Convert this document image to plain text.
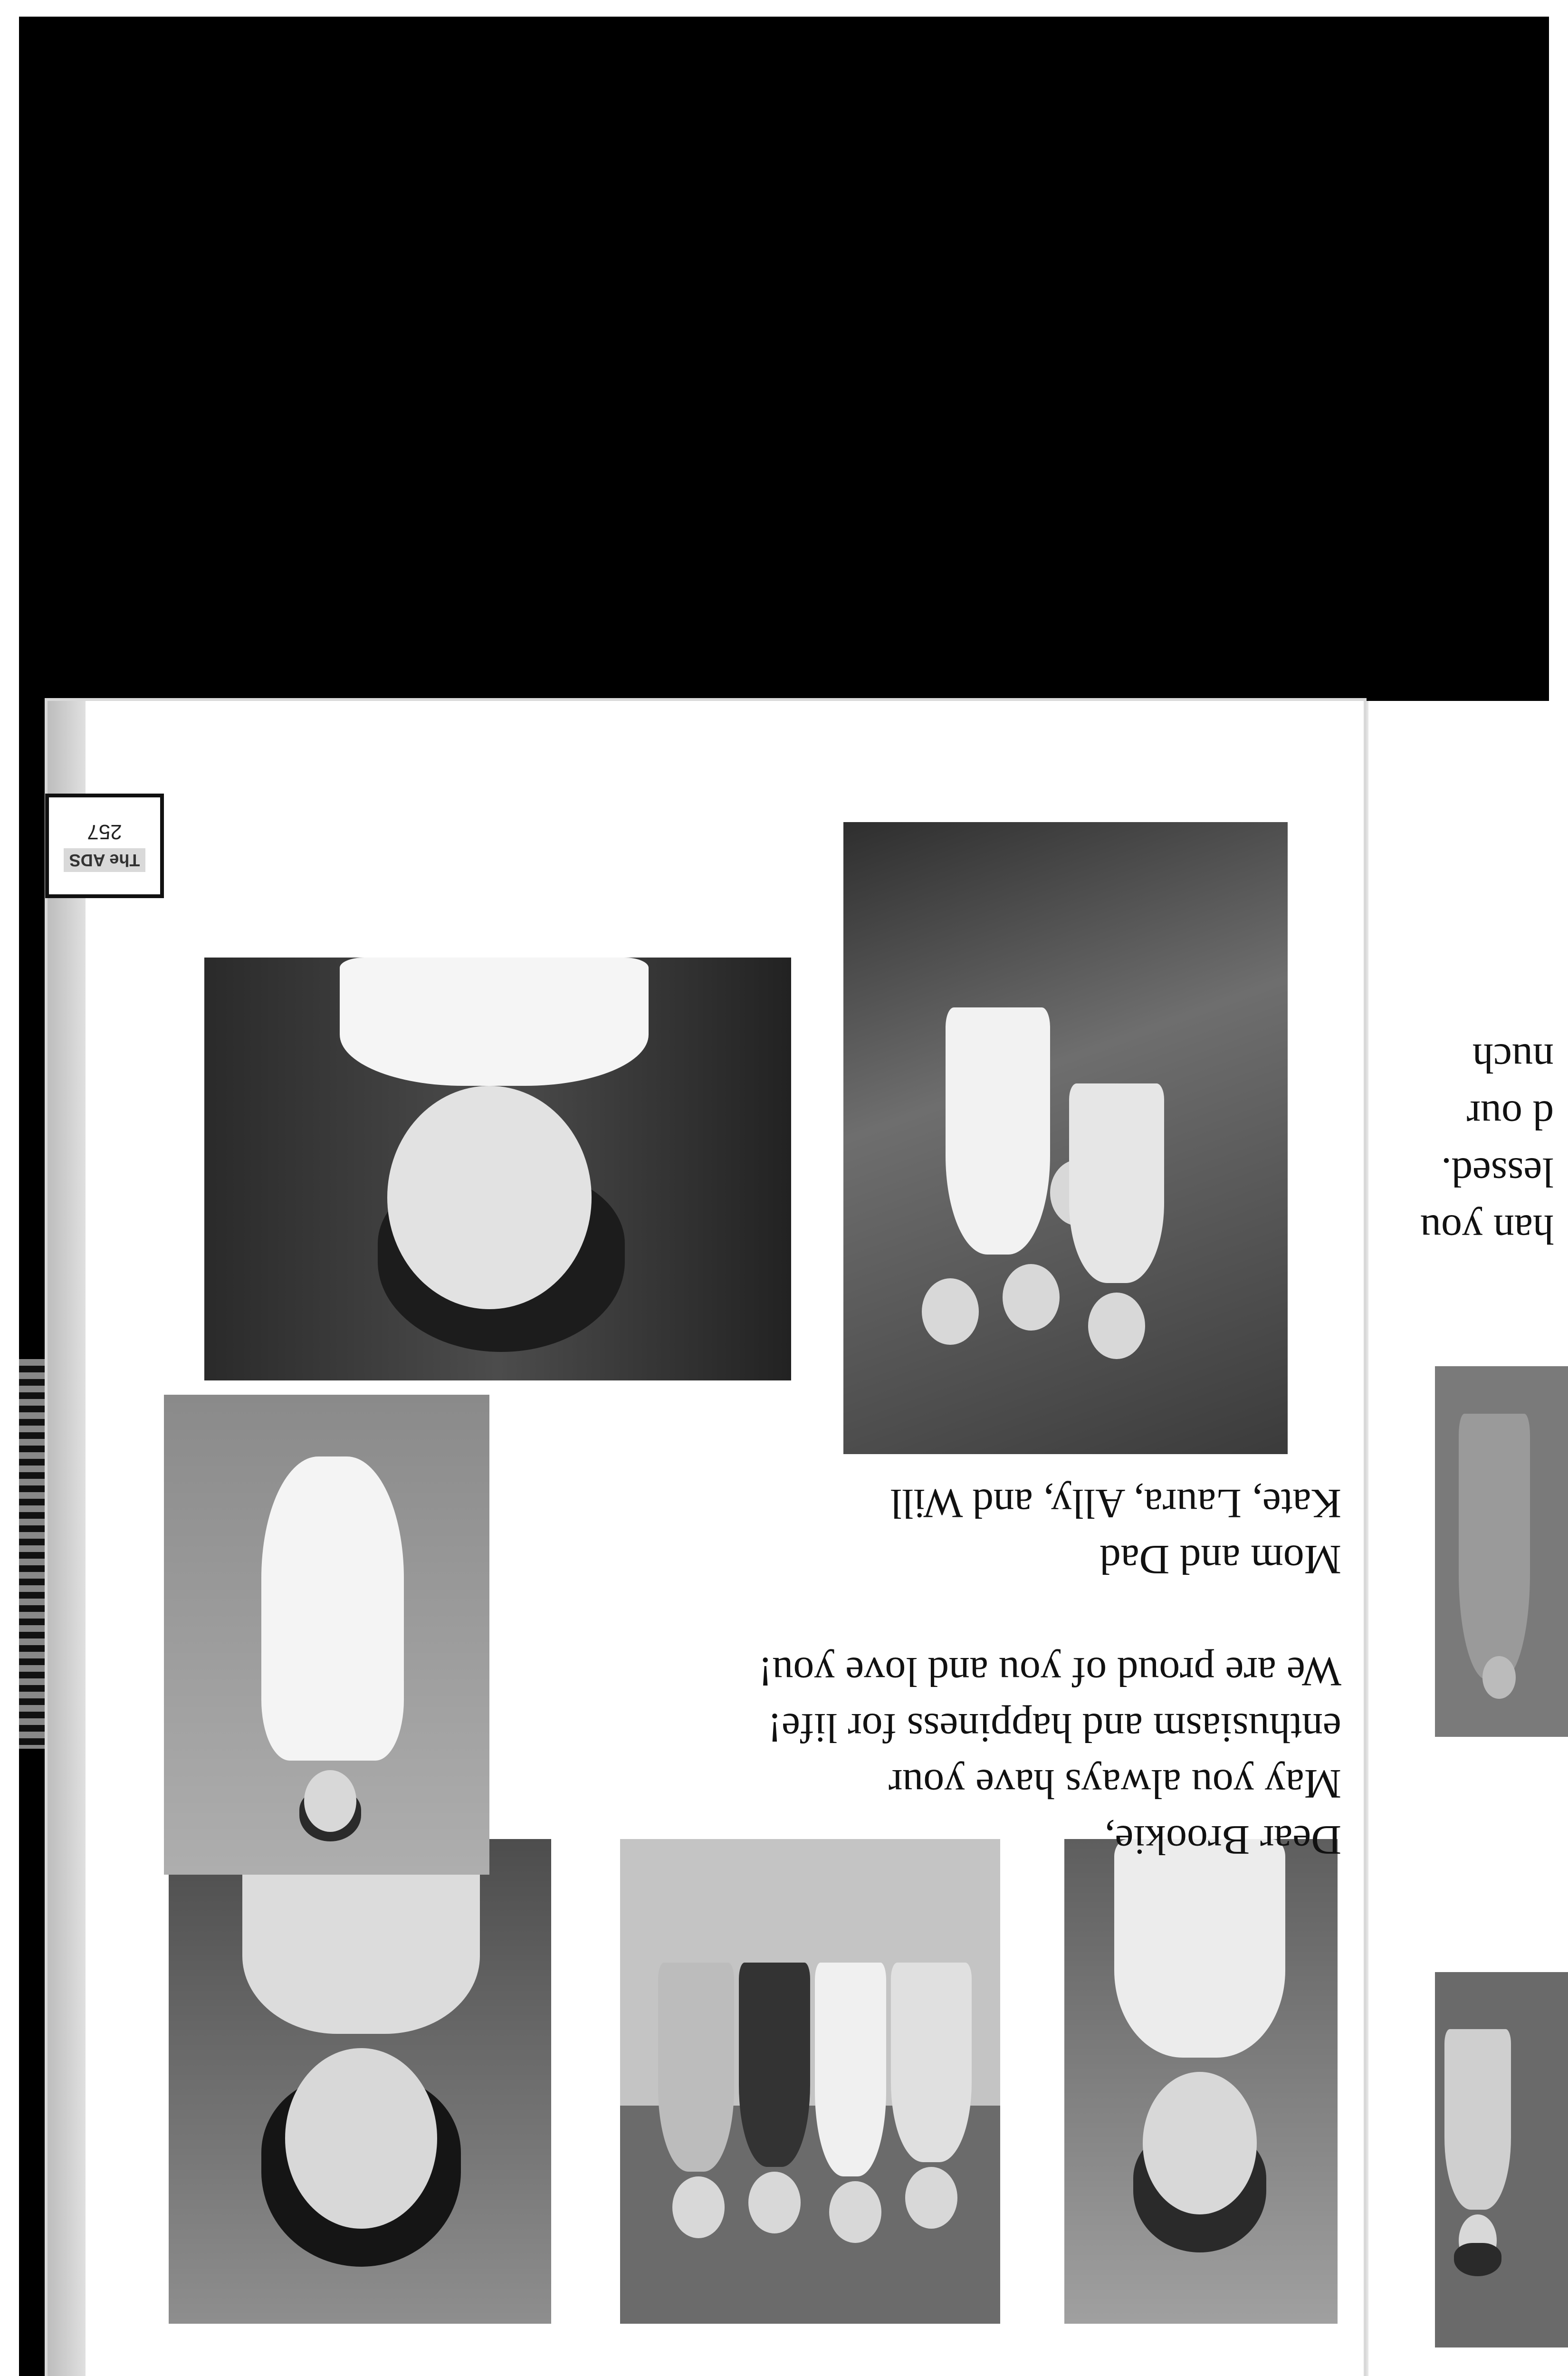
han you
lessed.
d our
nuch

Dear Brookie,

May you always have your

enthusiasm and happiness for life!

We are proud of you and love you!

Mom and Dad

Kate, Laura, Ally, and Will

The ADS
257
